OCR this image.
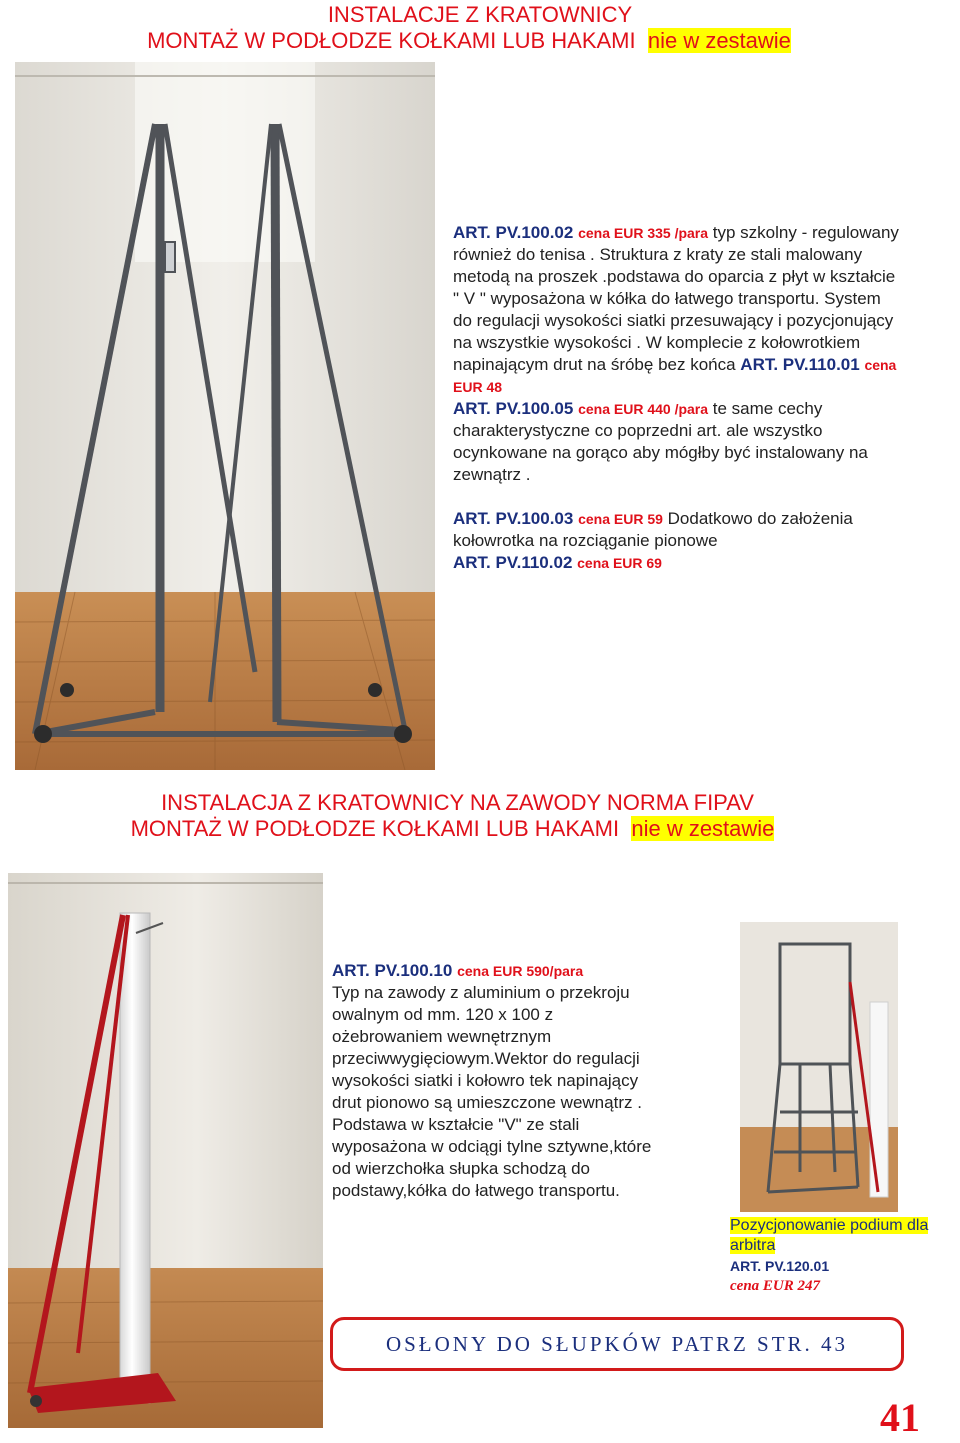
INSTALACJE Z KRATOWNICY
MONTAŻ W PODŁODZE KOŁKAMI LUB HAKAMI nie w zestawie
ART. PV.100.02 cena EUR 335 /para typ szkolny - regulowany również do tenisa . Struktura z kraty ze stali malowany metodą na proszek .podstawa do oparcia z płyt w kształcie " V " wyposażona w kółka do łatwego transportu. System do regulacji wysokości siatki przesuwający i pozycjonujący na wszystkie wysokości . W komplecie z kołowrotkiem napinającym drut na śróbę bez końca ART. PV.110.01 cena EUR 48
ART. PV.100.05 cena EUR 440 /para te same cechy charakterystyczne co poprzedni art. ale wszystko ocynkowane na gorąco aby mógłby być instalowany na zewnątrz .

ART. PV.100.03 cena EUR 59 Dodatkowo do założenia kołowrotka na rozciąganie pionowe
ART. PV.110.02 cena EUR 69
INSTALACJA Z KRATOWNICY NA ZAWODY NORMA FIPAV
MONTAŻ W PODŁODZE KOŁKAMI LUB HAKAMI nie w zestawie
ART. PV.100.10 cena EUR 590/para
Typ na zawody z aluminium o przekroju owalnym od mm. 120 x 100 z ożebrowaniem wewnętrznym przeciwwygięciowym.Wektor do regulacji wysokości siatki i kołowro tek napinający drut pionowo są umieszczone wewnątrz .
Podstawa w kształcie "V" ze stali wyposażona w odciągi tylne sztywne,które od wierzchołka słupka schodzą do podstawy,kółka do łatwego transportu.
Pozycjonowanie podium dla arbitra
ART. PV.120.01
cena EUR 247
OSŁONY DO SŁUPKÓW PATRZ STR. 43
41
